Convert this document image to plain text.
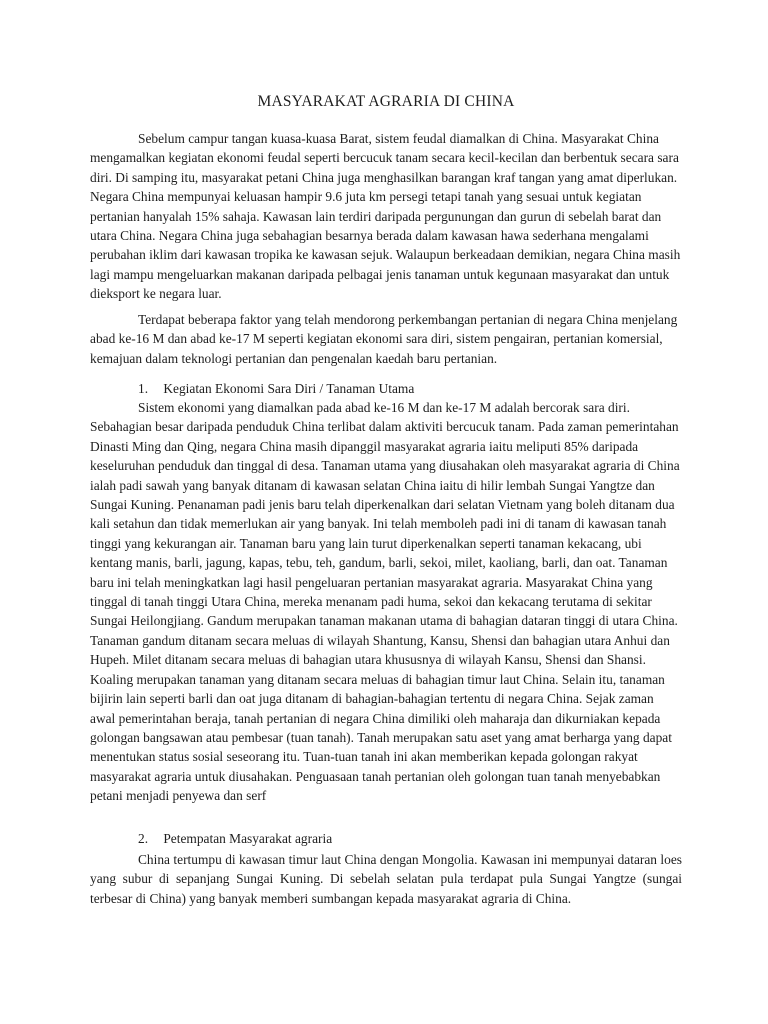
MASYARAKAT AGRARIA DI CHINA

Sebelum campur tangan kuasa-kuasa Barat, sistem feudal diamalkan di China. Masyarakat China mengamalkan kegiatan ekonomi feudal seperti bercucuk tanam secara kecil-kecilan dan berbentuk secara sara diri. Di samping itu, masyarakat petani China juga menghasilkan barangan kraf tangan yang amat diperlukan. Negara China mempunyai keluasan hampir 9.6 juta km persegi tetapi tanah yang sesuai untuk kegiatan pertanian hanyalah 15% sahaja. Kawasan lain terdiri daripada pergunungan dan gurun di sebelah barat dan utara China. Negara China juga sebahagian besarnya berada dalam kawasan hawa sederhana mengalami perubahan iklim dari kawasan tropika ke kawasan sejuk. Walaupun berkeadaan demikian, negara China masih lagi mampu mengeluarkan makanan daripada pelbagai jenis tanaman untuk kegunaan masyarakat dan untuk dieksport ke negara luar.

Terdapat beberapa faktor yang telah mendorong perkembangan pertanian di negara China menjelang abad ke-16 M dan abad ke-17 M seperti kegiatan ekonomi sara diri, sistem pengairan, pertanian komersial, kemajuan dalam teknologi pertanian dan pengenalan kaedah baru pertanian.

1. Kegiatan Ekonomi Sara Diri / Tanaman Utama

Sistem ekonomi yang diamalkan pada abad ke-16 M dan ke-17 M adalah bercorak sara diri. Sebahagian besar daripada penduduk China terlibat dalam aktiviti bercucuk tanam. Pada zaman pemerintahan Dinasti Ming dan Qing, negara China masih dipanggil masyarakat agraria iaitu meliputi 85% daripada keseluruhan penduduk dan tinggal di desa. Tanaman utama yang diusahakan oleh masyarakat agraria di China ialah padi sawah yang banyak ditanam di kawasan selatan China iaitu di hilir lembah Sungai Yangtze dan Sungai Kuning. Penanaman padi jenis baru telah diperkenalkan dari selatan Vietnam yang boleh ditanam dua kali setahun dan tidak memerlukan air yang banyak. Ini telah memboleh padi ini di tanam di kawasan tanah tinggi yang kekurangan air. Tanaman baru yang lain turut diperkenalkan seperti tanaman kekacang, ubi kentang manis, barli, jagung, kapas, tebu, teh, gandum, barli, sekoi, milet, kaoliang, barli, dan oat. Tanaman baru ini telah meningkatkan lagi hasil pengeluaran pertanian masyarakat agraria. Masyarakat China yang tinggal di tanah tinggi Utara China, mereka menanam padi huma, sekoi dan kekacang terutama di sekitar Sungai Heilongjiang. Gandum merupakan tanaman makanan utama di bahagian dataran tinggi di utara China. Tanaman gandum ditanam secara meluas di wilayah Shantung, Kansu, Shensi dan bahagian utara Anhui dan Hupeh. Milet ditanam secara meluas di bahagian utara khususnya di wilayah Kansu, Shensi dan Shansi. Koaling merupakan tanaman yang ditanam secara meluas di bahagian timur laut China. Selain itu, tanaman bijirin lain seperti barli dan oat juga ditanam di bahagian-bahagian tertentu di negara China. Sejak zaman awal pemerintahan beraja, tanah pertanian di negara China dimiliki oleh maharaja dan dikurniakan kepada golongan bangsawan atau pembesar (tuan tanah). Tanah merupakan satu aset yang amat berharga yang dapat menentukan status sosial seseorang itu. Tuan-tuan tanah ini akan memberikan kepada golongan rakyat masyarakat agraria untuk diusahakan. Penguasaan tanah pertanian oleh golongan tuan tanah menyebabkan petani menjadi penyewa dan serf

2. Petempatan Masyarakat agraria

China tertumpu di kawasan timur laut China dengan Mongolia. Kawasan ini mempunyai dataran loes yang subur di sepanjang Sungai Kuning. Di sebelah selatan pula terdapat pula Sungai Yangtze (sungai terbesar di China) yang banyak memberi sumbangan kepada masyarakat agraria di China.
